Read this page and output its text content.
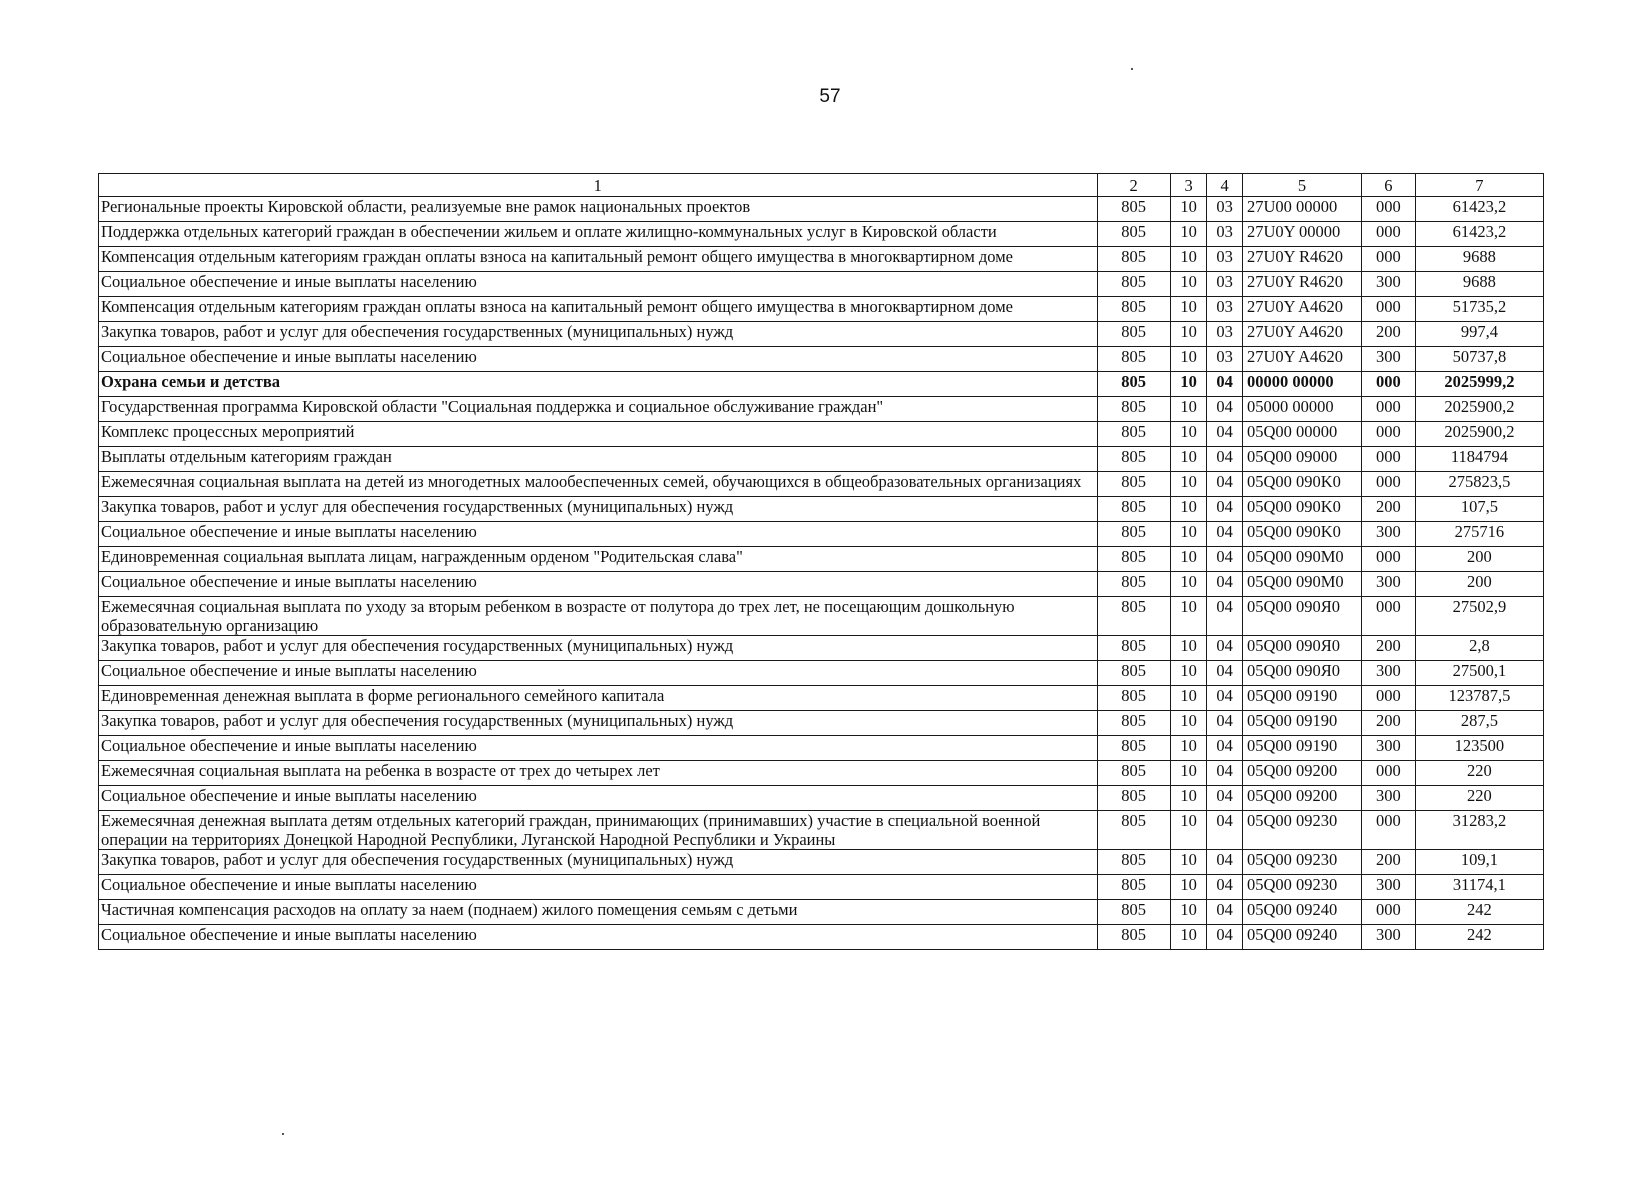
57
1	2	3	4	5	6	7
Региональные проекты Кировской области, реализуемые вне рамок национальных проектов	805	10	03	27U00 00000	000	61423,2
Поддержка отдельных категорий граждан в обеспечении жильем и оплате жилищно-коммунальных услуг в Кировской области	805	10	03	27U0Y 00000	000	61423,2
Компенсация отдельным категориям граждан оплаты взноса на капитальный ремонт общего имущества в многоквартирном доме	805	10	03	27U0Y R4620	000	9688
Социальное обеспечение и иные выплаты населению	805	10	03	27U0Y R4620	300	9688
Компенсация отдельным категориям граждан оплаты взноса на капитальный ремонт общего имущества в многоквартирном доме	805	10	03	27U0Y A4620	000	51735,2
Закупка товаров, работ и услуг для обеспечения государственных (муниципальных) нужд	805	10	03	27U0Y A4620	200	997,4
Социальное обеспечение и иные выплаты населению	805	10	03	27U0Y A4620	300	50737,8
Охрана семьи и детства	805	10	04	00000 00000	000	2025999,2
Государственная программа Кировской области "Социальная поддержка и социальное обслуживание граждан"	805	10	04	05000 00000	000	2025900,2
Комплекс процессных мероприятий	805	10	04	05Q00 00000	000	2025900,2
Выплаты отдельным категориям граждан	805	10	04	05Q00 09000	000	1184794
Ежемесячная социальная выплата на детей из многодетных малообеспеченных семей, обучающихся в общеобразовательных организациях	805	10	04	05Q00 090K0	000	275823,5
Закупка товаров, работ и услуг для обеспечения государственных (муниципальных) нужд	805	10	04	05Q00 090K0	200	107,5
Социальное обеспечение и иные выплаты населению	805	10	04	05Q00 090K0	300	275716
Единовременная социальная выплата лицам, награжденным орденом "Родительская слава"	805	10	04	05Q00 090M0	000	200
Социальное обеспечение и иные выплаты населению	805	10	04	05Q00 090M0	300	200
Ежемесячная социальная выплата по уходу за вторым ребенком в возрасте от полутора до трех лет, не посещающим дошкольную образовательную организацию	805	10	04	05Q00 090Я0	000	27502,9
Закупка товаров, работ и услуг для обеспечения государственных (муниципальных) нужд	805	10	04	05Q00 090Я0	200	2,8
Социальное обеспечение и иные выплаты населению	805	10	04	05Q00 090Я0	300	27500,1
Единовременная денежная выплата в форме регионального семейного капитала	805	10	04	05Q00 09190	000	123787,5
Закупка товаров, работ и услуг для обеспечения государственных (муниципальных) нужд	805	10	04	05Q00 09190	200	287,5
Социальное обеспечение и иные выплаты населению	805	10	04	05Q00 09190	300	123500
Ежемесячная социальная выплата на ребенка в возрасте от трех до четырех лет	805	10	04	05Q00 09200	000	220
Социальное обеспечение и иные выплаты населению	805	10	04	05Q00 09200	300	220
Ежемесячная денежная выплата детям отдельных категорий граждан, принимающих (принимавших) участие в специальной военной операции на территориях Донецкой Народной Республики, Луганской Народной Республики и Украины	805	10	04	05Q00 09230	000	31283,2
Закупка товаров, работ и услуг для обеспечения государственных (муниципальных) нужд	805	10	04	05Q00 09230	200	109,1
Социальное обеспечение и иные выплаты населению	805	10	04	05Q00 09230	300	31174,1
Частичная компенсация расходов на оплату за наем (поднаем) жилого помещения семьям с детьми	805	10	04	05Q00 09240	000	242
Социальное обеспечение и иные выплаты населению	805	10	04	05Q00 09240	300	242
